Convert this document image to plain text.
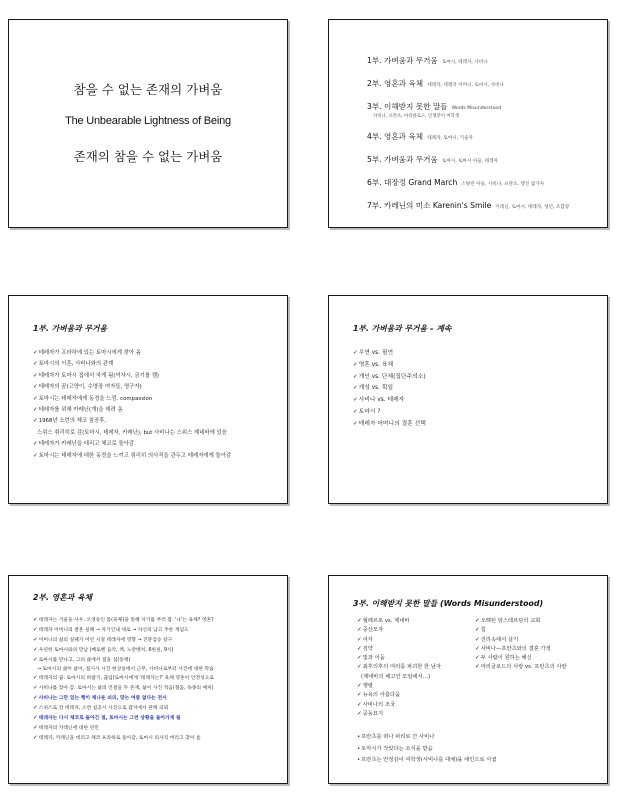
참을 수 없는 존재의 가벼움
The Unbearable Lightness of Being
존재의 참을 수 없는 가벼움
1부. 가벼움과 무거움 토마시, 테레자, 사비나
2부. 영혼과 육체 테레자, 테레자 어머니, 토마시, 사비나
3부. 이해받지 못한 말들 Words Misunderstood
사비나, 프란츠, 마리클로드, 인생같이 여학생
4부. 영혼과 육체 테레자, 토마시, 기술자
5부. 가벼움과 무거움 토마시, 토마시 아들, 테레자
6부. 대장정 Grand March 스탈린 아들, 사비나, 프란츠, 행진 참가자
7부. 카레닌의 미소 Karenin's Smile 카레닌, 토마시, 테레자, 청년, 조합장
1부. 가벼움과 무거움
✓ 테레자가 프라하에 있는 토마시에게 찾아 옴
✓ 토마시의 이혼, 사비나와의 관계
✓ 테레자가 토마시 집에서 자게 됨(여자시, 금기를 깸)
✓ 테레자의 꿈(고양이, 수영장 여자들, 명구자)
✓ 토마시는 테레자에게 동정을 느낌. compassion
✓ 테레자를 위해 카레닌(개)을 데려 옴
✓ 1968년 소련의 체코 침공후,
스위스 취리히로 감(토마시, 테레자, 카레닌), but 사비나는 스위스 제네바에 있음
✓ 테레자가 카레닌을 데리고 체코로 돌아감
✓ 토마시는 테레자에 대한 동정을 느끼고 취리히 의사직을 관두고 테레자에게 돌아감
1부. 가벼움과 무거움 – 계속
✓ 우연 vs. 필연
✓ 영혼 vs. 육체
✓ 개인 vs. 단체(집단주의소)
✓ 개성 vs. 획일
✓ 사비나 vs. 테레자
✓ 토마시 ?
✓ 테레자 어머니의 결혼 선택
2부. 영혼과 육체
✓ 테레자는 거울을 사우, 오영동인 몸(육체)을 통해 자기를 부러 함. '나'는 육체? 영혼?
✓ 테레자 어머니의 결혼 실패 → 자기인내 세로 → 자신의 남고 추한 개념도
✓ 어머니의 삶의 실패가 어린 시절 테레자에 영향 → 진분검승 갈구
✓ 우연한 토마시와의 만남 (베토벤 음악, 책, 노란벤치, 6한실, 9시)
✓ 토마시를 만나고, 그의 삶에서 점을 섬(동맹)
→ 토마시의 삶이 삶이, 집시사 사진 현상실에서 근무, 사비나로부터 사진에 대한 학습
✓ 테레자의 꿈: 토마시의 바람기, 끊임(토마시에게 '테레자는?' 육체 영혼이 안정성으로
✓ 사비나를 찾아 감: 토마시는 삶의 언결을 두 존재, 삶이 사진 적음(철움, 독종의 예처)
✓ 사비나는 그만 있는 행이 제나운 쇠의, 맞는 여름 없다는 전서
✓ 스위스로 간 테레자, 소련 침공시 사진으로 잡지에서 관례 의뢰
✓ 테레자는 다시 체코로 돌아간 점, 토마시는 그런 상황을 돌아가게 됨
✓ 테레자의 카레닌에 대한 연민
✓ 테레자, 카레닌을 데리고 체코 프라하로 돌아감, 토마시 의사직 버리고 찾아 옴
3부. 이해받지 못한 말들 (Words Misunderstood)
✓ 월례르로 vs. 제네바
✓ 중산모자
✓ 여자
✓ 검약
✓ 빛과 어둠
✓ 최후의후의 여러를 파괴한 한 남자
(제네바의 해고인 모임에서…)
✓ 행렬
✓ 뉴욕의 아름다움
✓ 사비나의 조국
✓ 공동묘지
✓ 오래된 암스테르담의 교회
✓ 힘
✓ 진리속에서 살기
✓ 사비나—프란츠와의 결혼 가정
✓ 두 사람이 원하는 해신
✓ 마리클로드의 사랑 vs. 프란츠의 사랑
• 프란츠를 떠나 파리로 간 사비나
• 토마시가 작았다는 소식을 받음
• 프란츠는 안정감이 여학생(사비나를 대체)을 애인으로 사귐
